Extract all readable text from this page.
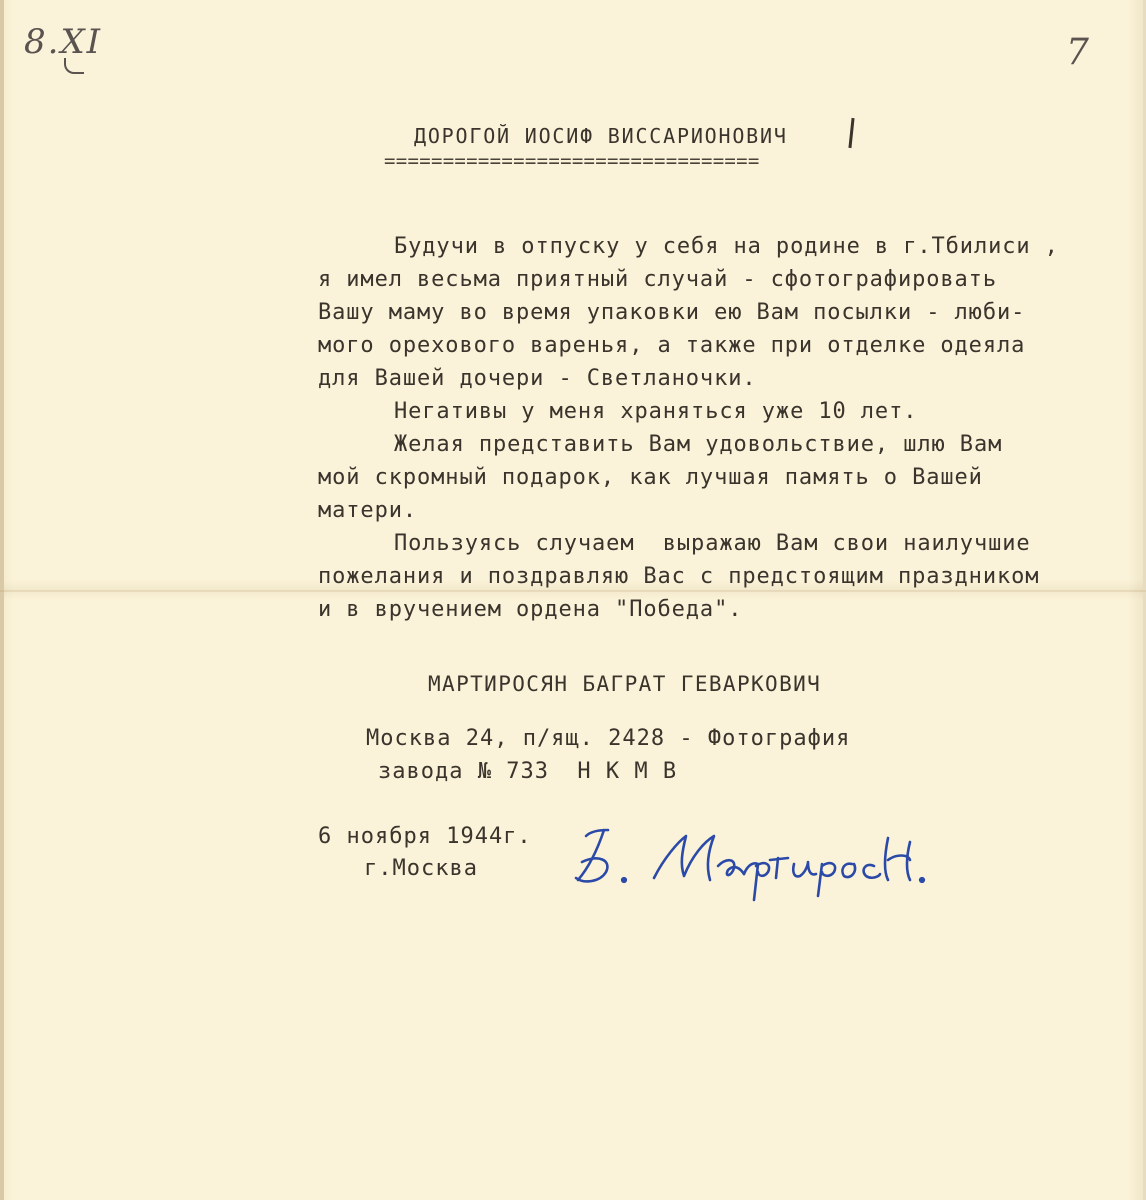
8.XI	7
ДОРОГОЙ ИОСИФ ВИССАРИОНОВИЧ
================================
Будучи в отпуску у себя на родине в г.Тбилиси ,
я имел весьма приятный случай - сфотографировать
Вашу маму во время упаковки ею Вам посылки - люби-
мого орехового варенья, а также при отделке одеяла
для Вашей дочери - Светланочки.
Негативы у меня храняться уже 10 лет.
Желая представить Вам удовольствие, шлю Вам
мой скромный подарок, как лучшая память о Вашей
матери.
Пользуясь случаем  выражаю Вам свои наилучшие
пожелания и поздравляю Вас с предстоящим праздником
и в вручением ордена "Победа".
МАРТИРОСЯН БАГРАТ ГЕВАРКОВИЧ
Москва 24, п/ящ. 2428 - Фотография
завода № 733  Н К М В
6 ноября 1944г.
г.Москва
